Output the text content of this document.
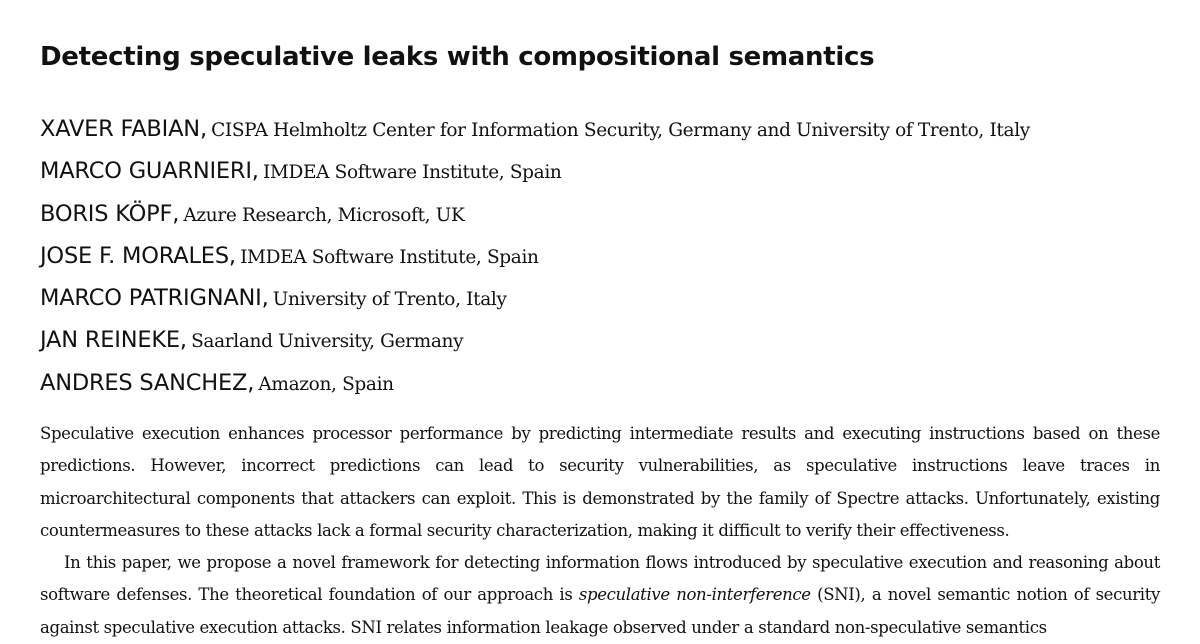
Detecting speculative leaks with compositional semantics
XAVER FABIAN, CISPA Helmholtz Center for Information Security, Germany and University of Trento, Italy
MARCO GUARNIERI, IMDEA Software Institute, Spain
BORIS KÖPF, Azure Research, Microsoft, UK
JOSE F. MORALES, IMDEA Software Institute, Spain
MARCO PATRIGNANI, University of Trento, Italy
JAN REINEKE, Saarland University, Germany
ANDRES SANCHEZ, Amazon, Spain

Speculative execution enhances processor performance by predicting intermediate results and executing instructions based on these predictions. However, incorrect predictions can lead to security vulnerabilities, as speculative instructions leave traces in microarchitectural components that attackers can exploit. This is demonstrated by the family of Spectre attacks. Unfortunately, existing countermeasures to these attacks lack a formal security characterization, making it difficult to verify their effectiveness.

In this paper, we propose a novel framework for detecting information flows introduced by speculative execution and reasoning about software defenses. The theoretical foundation of our approach is speculative non-interference (SNI), a novel semantic notion of security against speculative execution attacks. SNI relates information leakage observed under a standard non-speculative semantics
